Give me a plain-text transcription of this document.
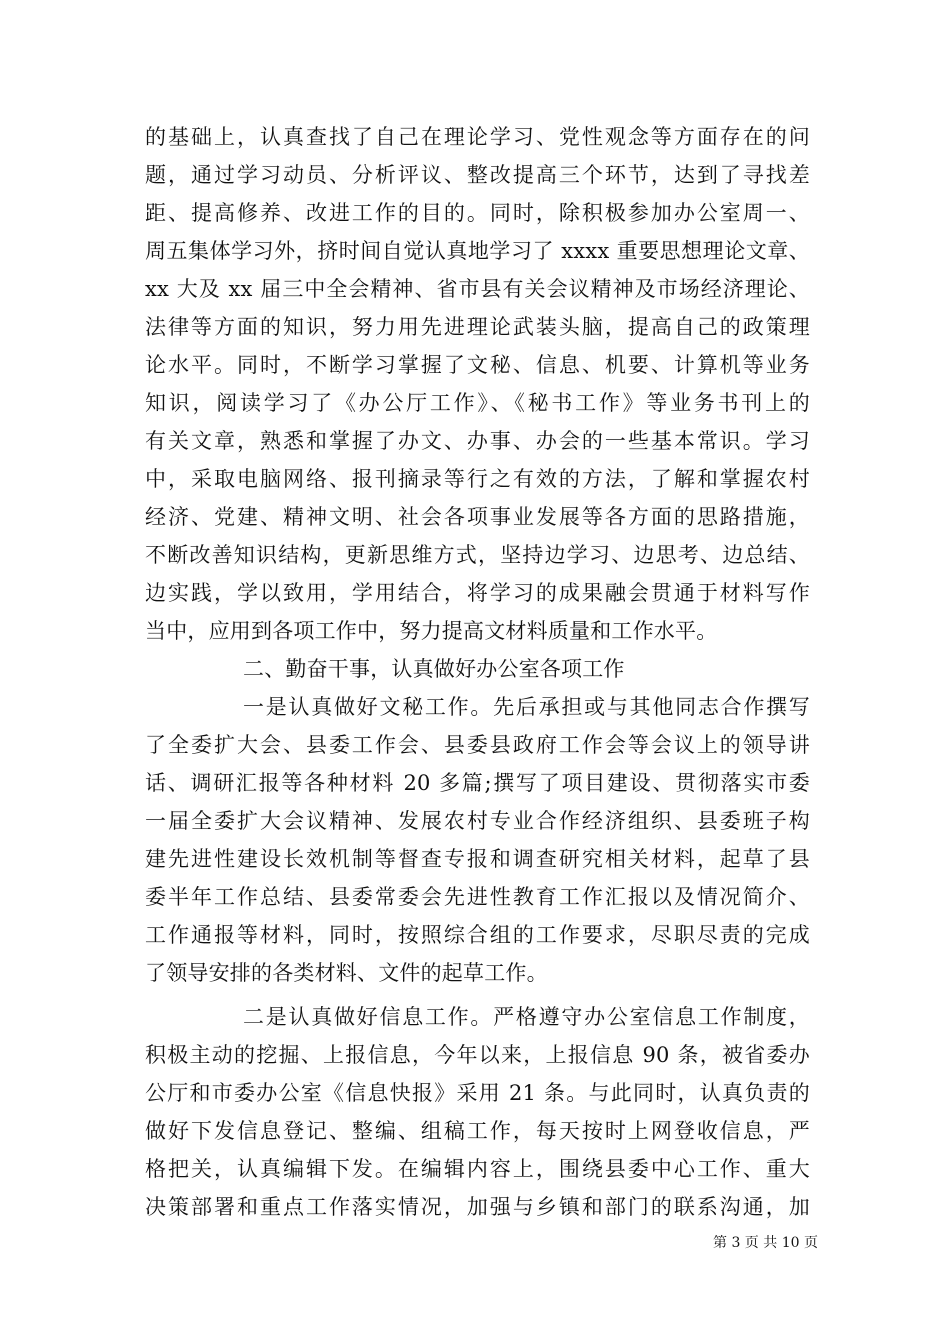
的基础上，认真查找了自己在理论学习、党性观念等方面存在的问
题，通过学习动员、分析评议、整改提高三个环节，达到了寻找差
距、提高修养、改进工作的目的。同时，除积极参加办公室周一、
周五集体学习外，挤时间自觉认真地学习了 xxxx 重要思想理论文章、
xx 大及 xx 届三中全会精神、省市县有关会议精神及市场经济理论、
法律等方面的知识，努力用先进理论武装头脑，提高自己的政策理
论水平。同时，不断学习掌握了文秘、信息、机要、计算机等业务
知识，阅读学习了《办公厅工作》、《秘书工作》等业务书刊上的
有关文章，熟悉和掌握了办文、办事、办会的一些基本常识。学习
中，采取电脑网络、报刊摘录等行之有效的方法，了解和掌握农村
经济、党建、精神文明、社会各项事业发展等各方面的思路措施，
不断改善知识结构，更新思维方式，坚持边学习、边思考、边总结、
边实践，学以致用，学用结合，将学习的成果融会贯通于材料写作
当中，应用到各项工作中，努力提高文材料质量和工作水平。
二、勤奋干事，认真做好办公室各项工作
一是认真做好文秘工作。先后承担或与其他同志合作撰写
了全委扩大会、县委工作会、县委县政府工作会等会议上的领导讲
话、调研汇报等各种材料 20 多篇;撰写了项目建设、贯彻落实市委
一届全委扩大会议精神、发展农村专业合作经济组织、县委班子构
建先进性建设长效机制等督查专报和调查研究相关材料，起草了县
委半年工作总结、县委常委会先进性教育工作汇报以及情况简介、
工作通报等材料，同时，按照综合组的工作要求，尽职尽责的完成
了领导安排的各类材料、文件的起草工作。
二是认真做好信息工作。严格遵守办公室信息工作制度，
积极主动的挖掘、上报信息，今年以来，上报信息 90 条，被省委办
公厅和市委办公室《信息快报》采用 21 条。与此同时，认真负责的
做好下发信息登记、整编、组稿工作，每天按时上网登收信息，严
格把关，认真编辑下发。在编辑内容上，围绕县委中心工作、重大
决策部署和重点工作落实情况，加强与乡镇和部门的联系沟通，加
第 3 页 共 10 页
